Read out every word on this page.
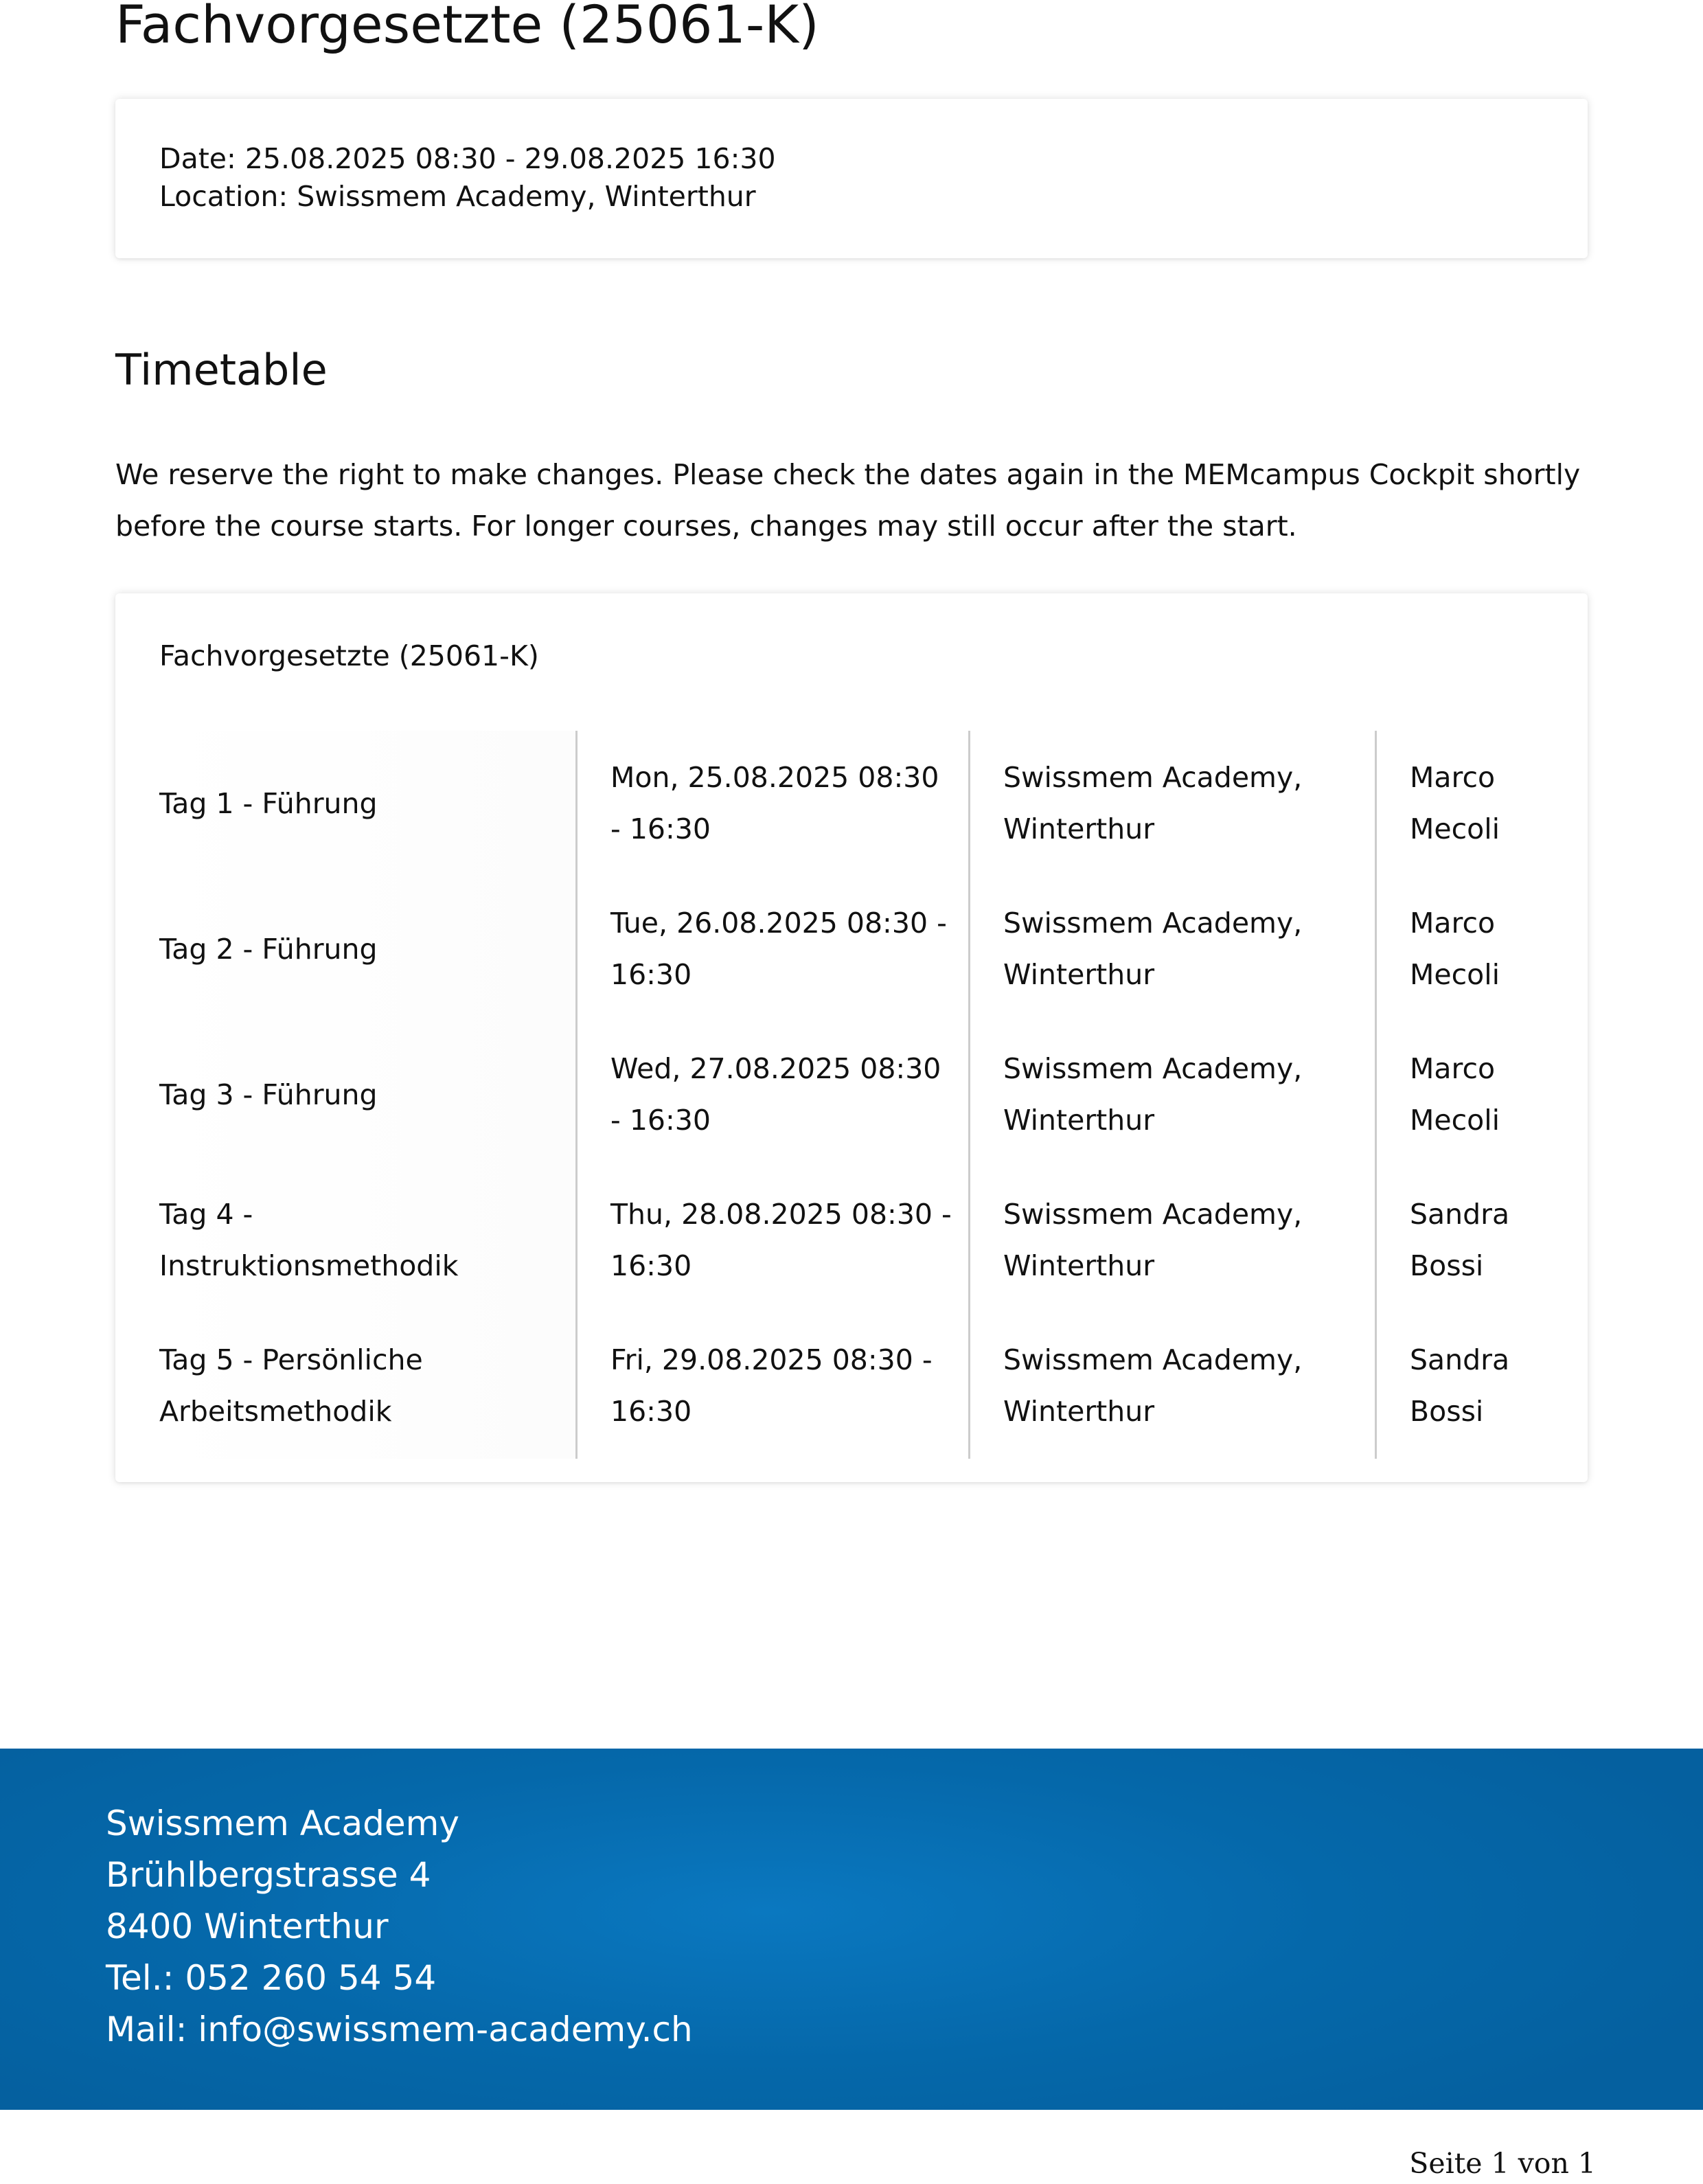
Fachvorgesetzte (25061-K)
Date: 25.08.2025 08:30 - 29.08.2025 16:30
Location: Swissmem Academy, Winterthur
Timetable

We reserve the right to make changes. Please check the dates again in the MEMcampus Cockpit shortly before the course starts. For longer courses, changes may still occur after the start.

Fachvorgesetzte (25061-K)
Tag 1 - Führung
Mon, 25.08.2025 08:30 - 16:30
Swissmem Academy, Winterthur
Marco Mecoli
Tag 2 - Führung
Tue, 26.08.2025 08:30 - 16:30
Swissmem Academy, Winterthur
Marco Mecoli
Tag 3 - Führung
Wed, 27.08.2025 08:30 - 16:30
Swissmem Academy, Winterthur
Marco Mecoli
Tag 4 - Instruktionsmethodik
Thu, 28.08.2025 08:30 - 16:30
Swissmem Academy, Winterthur
Sandra Bossi
Tag 5 - Persönliche Arbeitsmethodik
Fri, 29.08.2025 08:30 - 16:30
Swissmem Academy, Winterthur
Sandra Bossi
Swissmem Academy
Brühlbergstrasse 4
8400 Winterthur
Tel.: 052 260 54 54
Mail: info@swissmem-academy.ch
Seite 1 von 1
